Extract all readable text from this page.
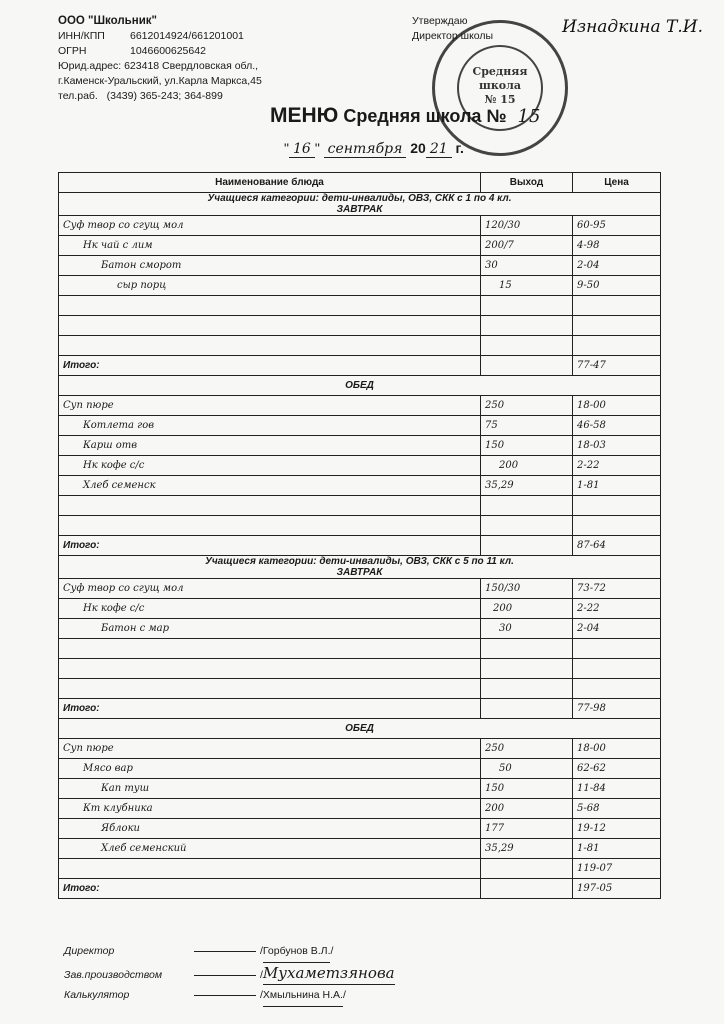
ООО "Школьник"
ИНН/КПП 6612014924/661201001
ОГРН	1046600625642
Юрид.адрес: 623418 Свердловская обл.,
г.Каменск-Уральский, ул.Карла Маркса,45
тел.раб. (3439) 365-243; 364-899
Средняя
школа
№ 15
Утверждаю
Директор школы	Изнадкина Т.И.
МЕНЮ Средняя школа № 15
" 16 " сентября 20 21 г.
Наименование блюда	Выход	Цена

Учащиеся категории: дети-инвалиды, ОВЗ, СКК с 1 по 4 кл.
ЗАВТРАК		

Суф твор со сгущ мол	120/30	60-95
Нк чай с лим	200/7	4-98
Батон сморот	30	2-04
сыр порц	15	9-50

Итого:		77-47
ОБЕД		
Суп пюре	250	18-00
Котлета гов	75	46-58
Карш отв	150	18-03
Нк кофе с/с	200	2-22
Хлеб семенск	35,29	1-81

Итого:		87-64

Учащиеся категории: дети-инвалиды, ОВЗ, СКК с 5 по 11 кл.
ЗАВТРАК		

Суф твор со сгущ мол	150/30	73-72
Нк кофе с/с	200	2-22
Батон с мар	30	2-04

Итого:		77-98
ОБЕД		
Суп пюре	250	18-00
Мясо вар	50	62-62
Кап туш	150	11-84
Кт клубника	200	5-68
Яблоки	177	19-12
Хлеб семенский	35,29	1-81
		119-07
Итого:		197-05
Директор	/Горбунов В.Л./
Зав.производством	/Мухаметзянова
Калькулятор	/Хмыльнина Н.А./
